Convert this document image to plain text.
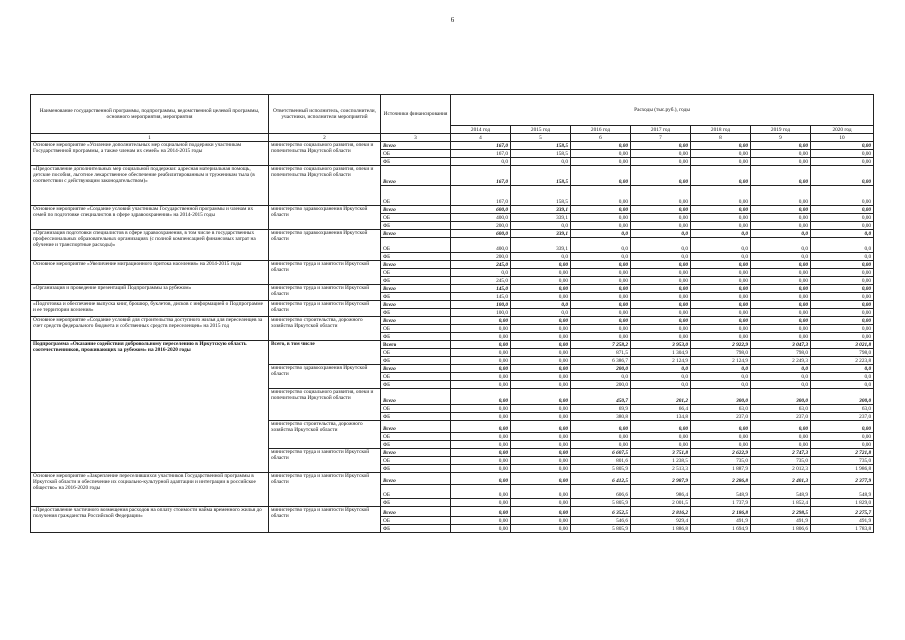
6
Наименование государственной программы, подпрограммы, ведомственной целевой программы, основного мероприятия, мероприятия	Ответственный исполнитель, соисполнители, участники, исполнители мероприятий	Источники финансирования	Расходы (тыс.руб.), годы						
			2014 год	2015 год	2016 год	2017 год	2018 год	2019 год	2020 год
1	2	3	4	5	6	7	8	9	10
Основное мероприятие «Усиление дополнительных мер социальной поддержки участникам Государственной программы, а также членам их семей» на 2014-2015 годы	министерство социального развития, опеки и попечительства Иркутской области	Всего	167,0	158,5	0,00	0,00	0,00	0,00	0,00
		ОБ	167,0	158,5	0,00	0,00	0,00	0,00	0,00
		ФБ	0,0	0,0	0,00	0,00	0,00	0,00	0,00
«Предоставление дополнительных мер социальной поддержки: адресная материальная помощь, детские пособия, льготное лекарственное обеспечение реабилитированным и труженикам тыла (в соответствии с действующим законодательством)»	министерство социального развития, опеки и попечительства Иркутской области	Всего	167,0	158,5	0,00	0,00	0,00	0,00	0,00
		ОБ	167,0	158,5	0,00	0,00	0,00	0,00	0,00
Основное мероприятие «Создание условий участникам Государственной программы и членам их семей по подготовке специалистов в сфере здравоохранения» на 2014-2015 годы	министерство здравоохранения Иркутской области	Всего	600,0	339,1	0,00	0,00	0,00	0,00	0,00
		ОБ	400,0	339,1	0,00	0,00	0,00	0,00	0,00
		ФБ	200,0	0,0	0,00	0,00	0,00	0,00	0,00
«Организация подготовки специалистов в сфере здравоохранения, в том числе в государственных профессиональных образовательных организациях (с полной компенсацией финансовых затрат на обучение и транспортные расходы)»	министерство здравоохранения Иркутской области	Всего	600,0	339,1	0,0	0,0	0,0	0,0	0,0
		ОБ	400,0	339,1	0,0	0,0	0,0	0,0	0,0
		ФБ	200,0	0,0	0,0	0,0	0,0	0,0	0,0
Основное мероприятие «Увеличение миграционного притока населения» на 2014-2015 годы	министерство труда и занятости Иркутской области	Всего	245,0	0,00	0,00	0,00	0,00	0,00	0,00
		ОБ	0,0	0,00	0,00	0,00	0,00	0,00	0,00
		ФБ	245,0	0,00	0,00	0,00	0,00	0,00	0,00
«Организация и проведение презентаций Подпрограммы за рубежом»	министерство труда и занятости Иркутской области	Всего	145,0	0,00	0,00	0,00	0,00	0,00	0,00
		ФБ	145,0	0,00	0,00	0,00	0,00	0,00	0,00
«Подготовка и обеспечение выпуска книг, брошюр, буклетов, дисков с информацией о Подпрограмме и ее территории вселения»	министерство труда и занятости Иркутской области	Всего	100,0	0,0	0,00	0,00	0,00	0,00	0,00
		ФБ	100,0	0,0	0,00	0,00	0,00	0,00	0,00
Основное мероприятие «Создание условий для строительства доступного жилья для переселенцев за счет средств федерального бюджета и собственных средств переселенцев» на 2015 год	министерство строительства, дорожного хозяйства Иркутской области	Всего	0,00	0,00	0,00	0,00	0,00	0,00	0,00
		ОБ	0,00	0,00	0,00	0,00	0,00	0,00	0,00
		ФБ	0,00	0,00	0,00	0,00	0,00	0,00	0,00
Подпрограмма «Оказание содействия добровольному переселению в Иркутскую область соотечественников, проживающих за рубежом» на 2016-2020 годы	Всего, в том числе	Всего	0,00	0,00	7 258,2	3 953,0	2 922,9	3 047,3	3 021,8
		ОБ	0,00	0,00	871,5	1 304,9	798,0	798,0	798,0
		ФБ	0,00	0,00	6 386,7	2 124,9	2 124,9	2 249,3	2 223,8
	министерство здравоохранения Иркутской области	Всего	0,00	0,00	200,0	0,0	0,0	0,0	0,0
		ОБ	0,00	0,00	0,0	0,0	0,0	0,0	0,0
		ФБ	0,00	0,00	200,0	0,0	0,0	0,0	0,0
	министерство социального развития, опеки и попечительства Иркутской области	Всего	0,00	0,00	450,7	201,2	300,0	300,0	300,0
		ОБ	0,00	0,00	69,9	66,4	63,0	63,0	63,0
		ФБ	0,00	0,00	380,8	134,8	237,0	237,0	237,0
	министерство строительства, дорожного хозяйства Иркутской области	Всего	0,00	0,00	0,00	0,00	0,00	0,00	0,00
		ОБ	0,00	0,00	0,00	0,00	0,00	0,00	0,00
		ФБ	0,00	0,00	0,00	0,00	0,00	0,00	0,00
	министерство труда и занятости Иркутской области	Всего	0,00	0,00	6 607,5	3 751,8	2 622,9	2 747,3	2 721,8
		ОБ	0,00	0,00	801,6	1 238,5	735,0	735,0	735,0
		ФБ	0,00	0,00	5 805,9	2 513,3	1 887,9	2 012,3	1 986,8
Основное мероприятие «Закрепление переселившихся участников Государственной программы в Иркутской области и обеспечение их социально-культурной адаптации и интеграции в российское общество» на 2016-2020 годы	министерство труда и занятости Иркутской области	Всего	0,00	0,00	6 412,5	2 987,9	2 286,8	2 401,3	2 377,9
		ОБ	0,00	0,00	606,6	986,4	548,9	548,9	548,9
		ФБ	0,00	0,00	5 805,9	2 001,5	1 737,9	1 852,4	1 829,0
«Предоставление частичного возмещения расходов на оплату стоимости найма временного жилья до получения гражданства Российской Федерации»	министерство труда и занятости Иркутской области	Всего	0,00	0,00	6 352,5	2 816,2	2 186,8	2 298,5	2 275,7
		ОБ	0,00	0,00	546,6	929,4	491,9	491,9	491,9
		ФБ	0,00	0,00	5 805,9	1 886,8	1 694,9	1 806,6	1 783,8
